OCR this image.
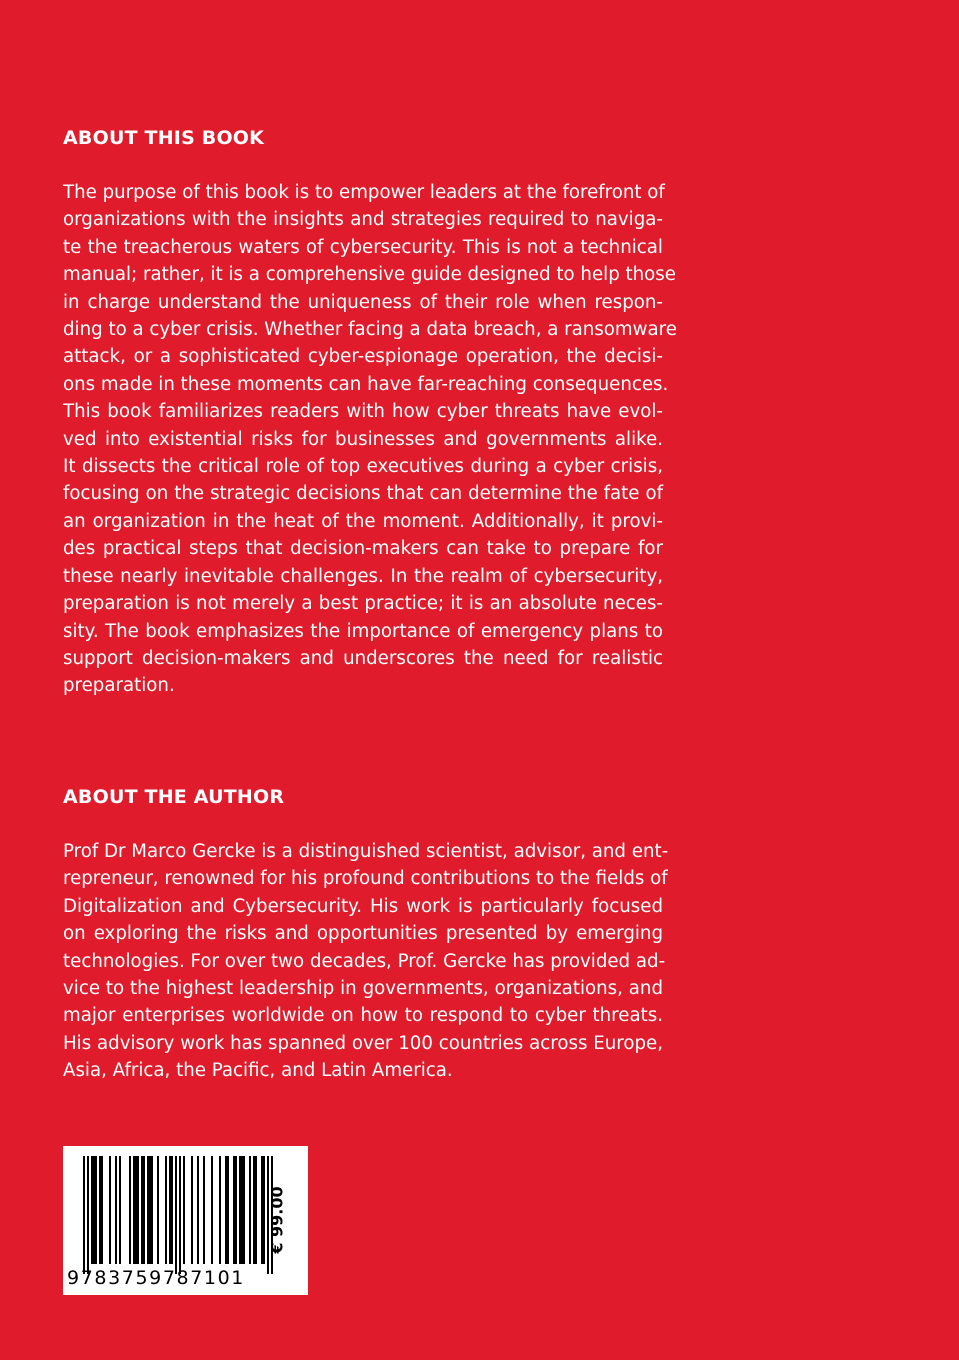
ABOUT THIS BOOK
The purpose of this book is to empower leaders at the forefront of
organizations with the insights and strategies required to naviga-
te the treacherous waters of cybersecurity. This is not a technical
manual; rather, it is a comprehensive guide designed to help those
in charge understand the uniqueness of their role when respon-
ding to a cyber crisis. Whether facing a data breach, a ransomware
attack, or a sophisticated cyber-espionage operation, the decisi-
ons made in these moments can have far-reaching consequences.
This book familiarizes readers with how cyber threats have evol-
ved into existential risks for businesses and governments alike.
It dissects the critical role of top executives during a cyber crisis,
focusing on the strategic decisions that can determine the fate of
an organization in the heat of the moment. Additionally, it provi-
des practical steps that decision-makers can take to prepare for
these nearly inevitable challenges. In the realm of cybersecurity,
preparation is not merely a best practice; it is an absolute neces-
sity. The book emphasizes the importance of emergency plans to
support decision-makers and underscores the need for realistic
preparation.
ABOUT THE AUTHOR
Prof Dr Marco Gercke is a distinguished scientist, advisor, and ent-
repreneur, renowned for his profound contributions to the fields of
Digitalization and Cybersecurity. His work is particularly focused
on exploring the risks and opportunities presented by emerging
technologies. For over two decades, Prof. Gercke has provided ad-
vice to the highest leadership in governments, organizations, and
major enterprises worldwide on how to respond to cyber threats.
His advisory work has spanned over 100 countries across Europe,
Asia, Africa, the Pacific, and Latin America.
9783759787101
€ 99.00
